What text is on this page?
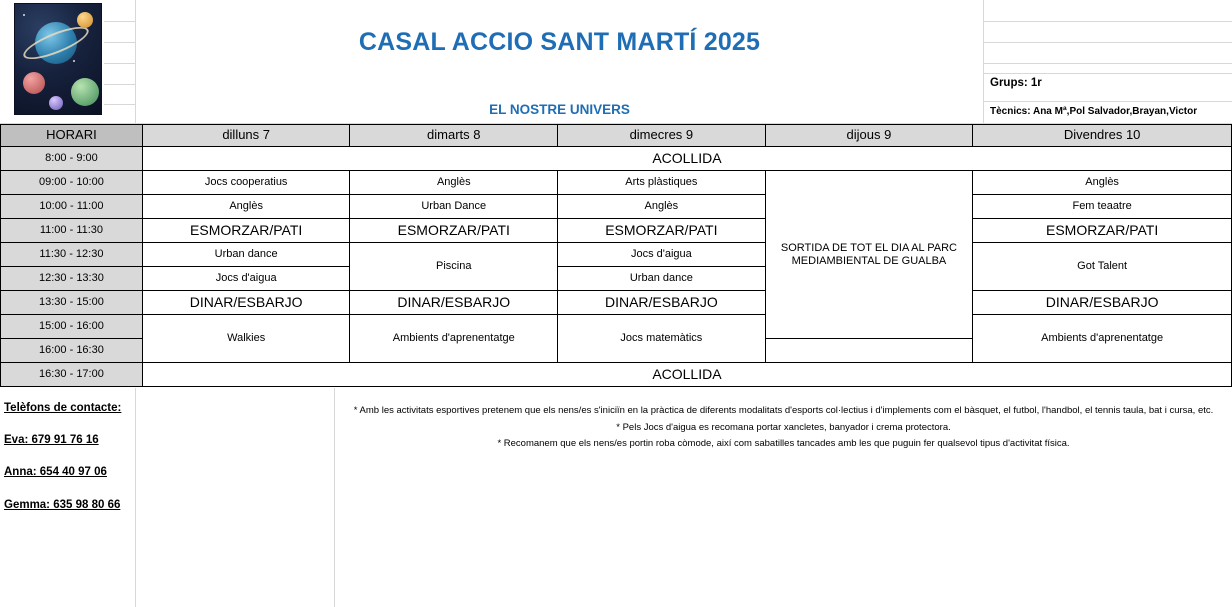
CASAL ACCIO SANT MARTÍ 2025
EL NOSTRE UNIVERS
Grups: 1r
Tècnics: Ana Mª,Pol Salvador,Brayan,Victor
HORARI	dilluns 7	dimarts 8	dimecres 9	dijous 9	Divendres 10
8:00 - 9:00	ACOLLIDA				
09:00 - 10:00	Jocs cooperatius	Anglès	Arts plàstiques	SORTIDA DE TOT EL DIA AL PARC MEDIAMBIENTAL DE GUALBA	Anglès
10:00 - 11:00	Anglès	Urban Dance	Anglès		Fem teaatre
11:00 - 11:30	ESMORZAR/PATI	ESMORZAR/PATI	ESMORZAR/PATI		ESMORZAR/PATI
11:30 - 12:30	Urban dance	Piscina	Jocs d'aigua		Got Talent
12:30 - 13:30	Jocs d'aigua		Urban dance		
13:30 - 15:00	DINAR/ESBARJO	DINAR/ESBARJO	DINAR/ESBARJO		DINAR/ESBARJO
15:00 - 16:00	Walkies	Ambients d'aprenentatge	Jocs matemàtics		Ambients d'aprenentatge
16:00 - 16:30					
16:30 - 17:00	ACOLLIDA				
Telèfons de contacte:
Eva: 679 91 76 16
Anna: 654 40 97 06
Gemma: 635 98 80 66

* Amb les activitats esportives pretenem que els nens/es s'iniciïn en la pràctica de diferents modalitats d'esports col·lectius i d'implements com el bàsquet, el futbol, l'handbol, el tennis taula, bat i cursa, etc.

* Pels Jocs d'aigua es recomana portar xancletes, banyador i crema protectora.

* Recomanem que els nens/es portin roba còmode, així com sabatilles tancades amb les que puguin fer qualsevol tipus d'activitat física.
